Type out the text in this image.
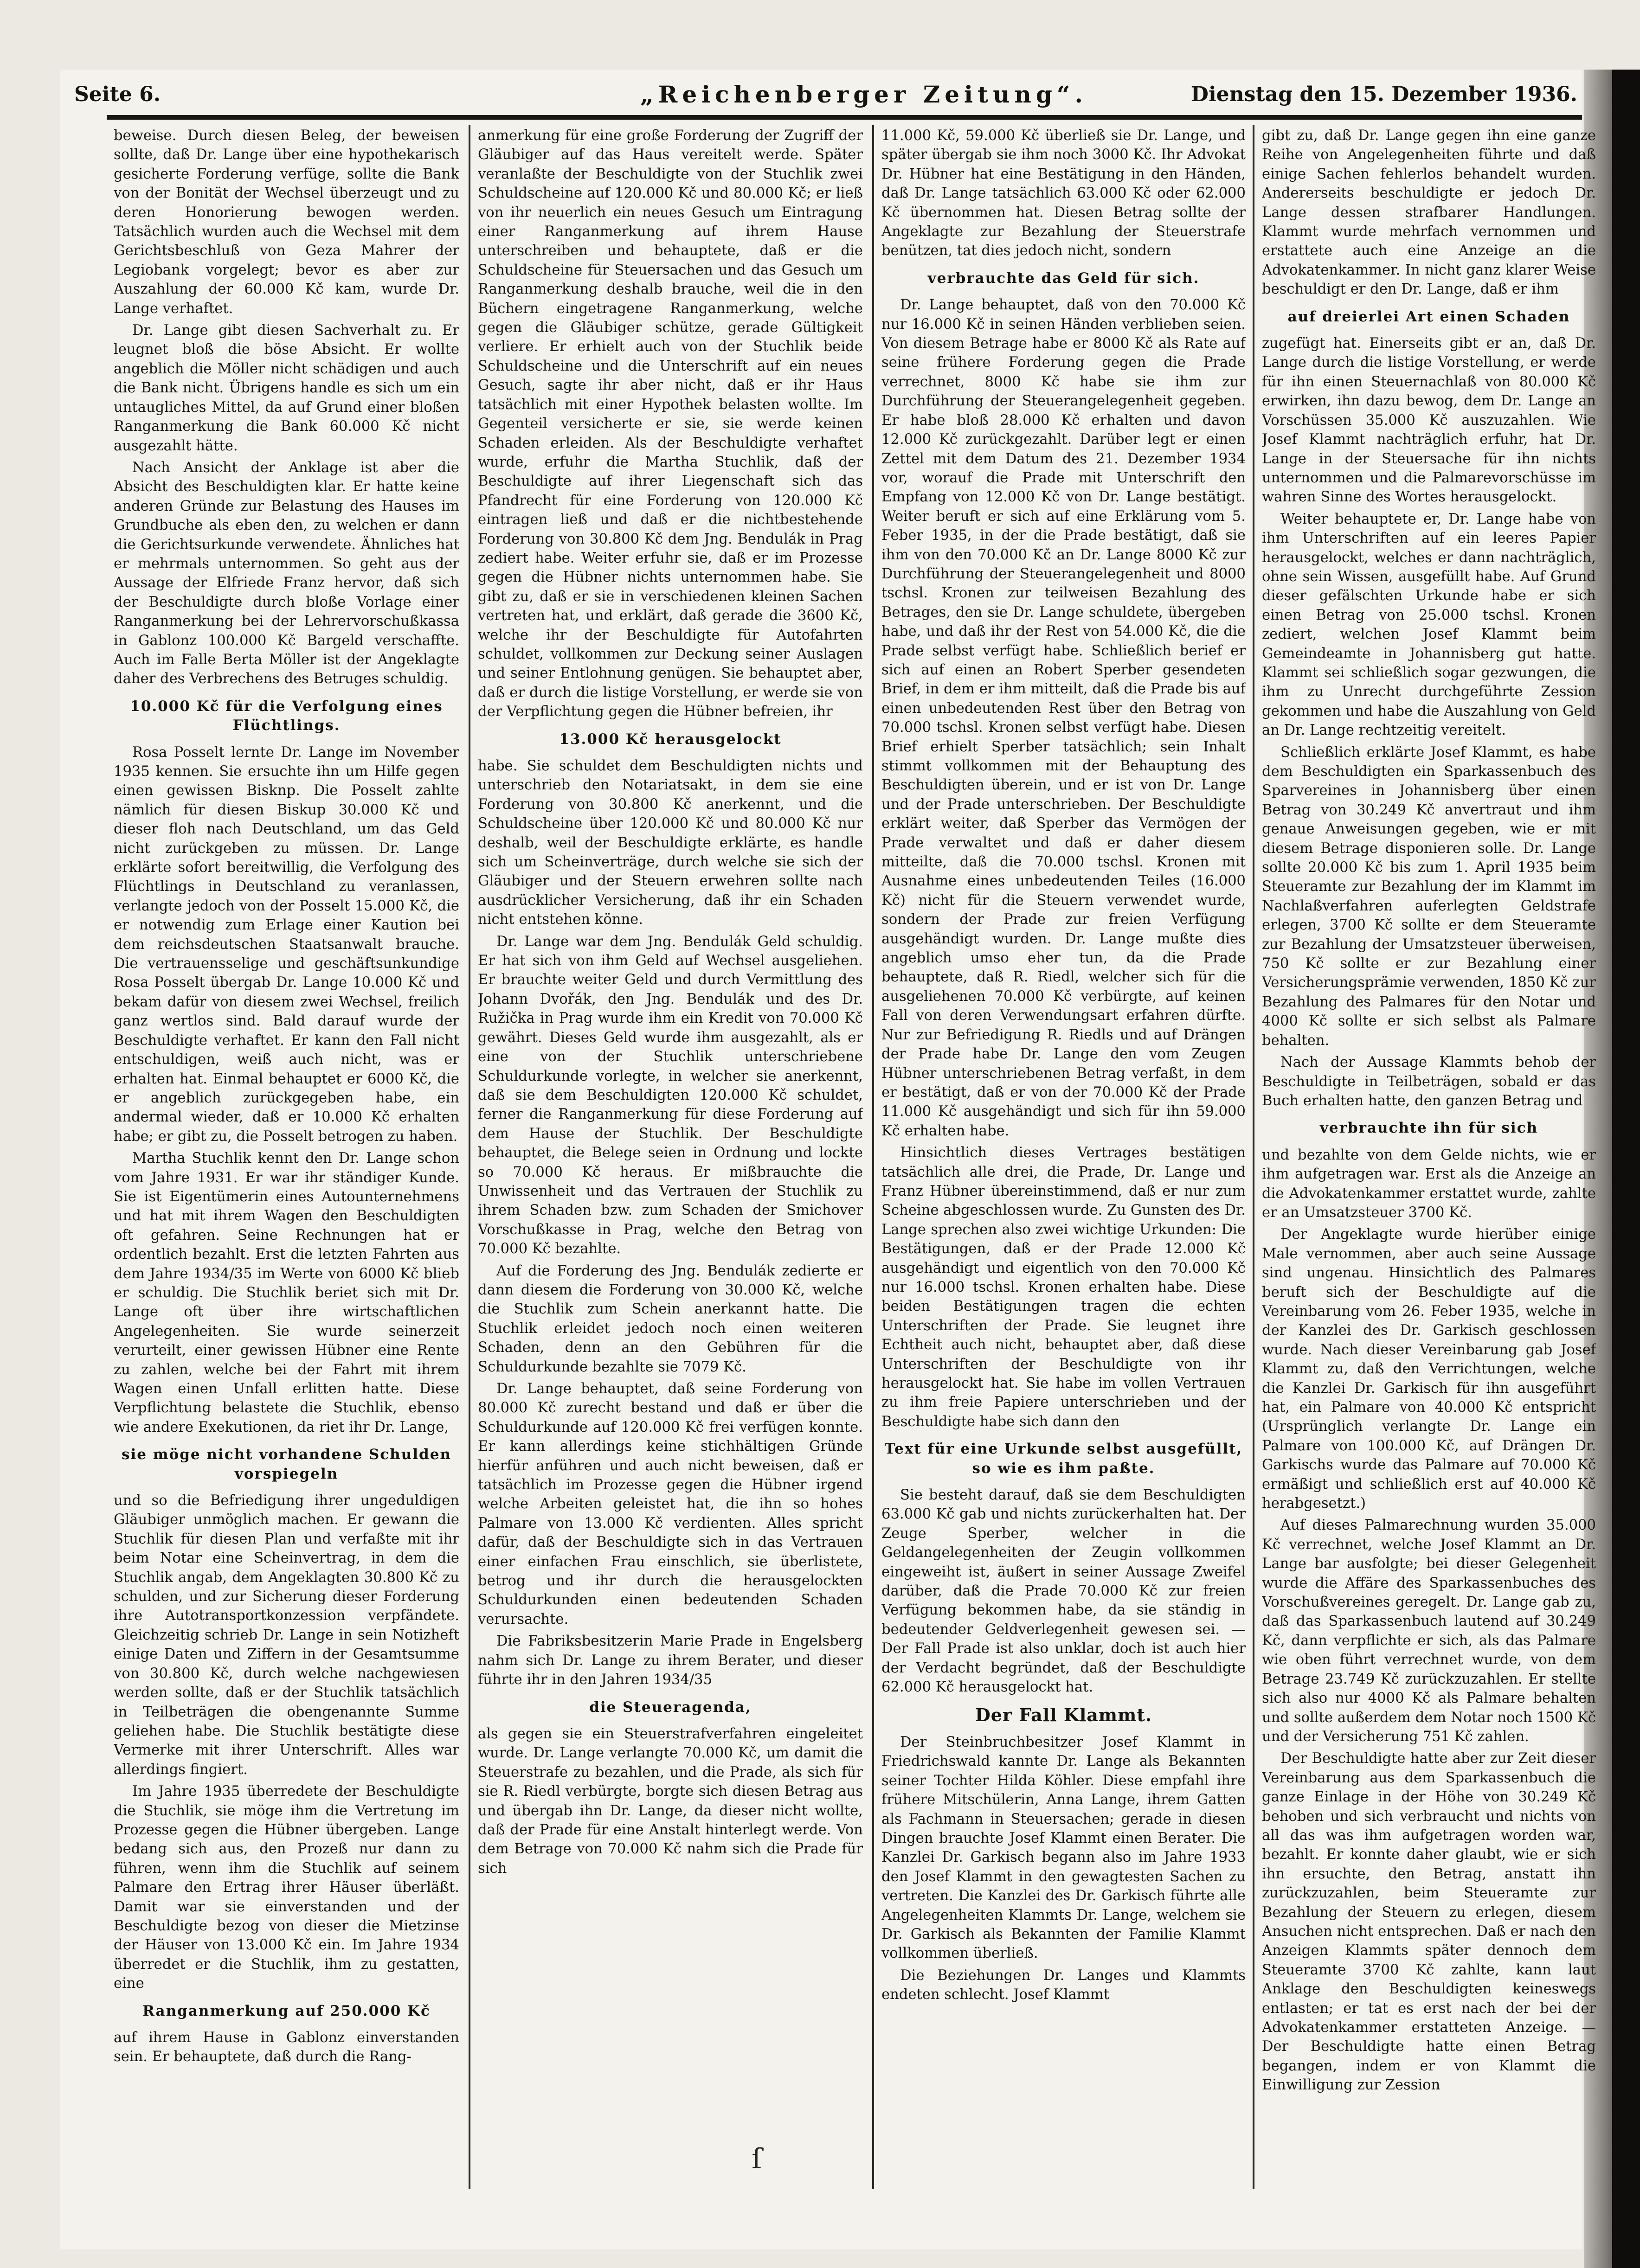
Seite 6.	„Reichenberger Zeitung“.	Dienstag den 15. Dezember 1936.

beweise. Durch diesen Beleg, der beweisen sollte, daß Dr. Lange über eine hypothekarisch gesicherte Forderung verfüge, sollte die Bank von der Bonität der Wechsel überzeugt und zu deren Honorierung bewogen werden. Tatsächlich wurden auch die Wechsel mit dem Gerichtsbeschluß von Geza Mahrer der Legiobank vorgelegt; bevor es aber zur Auszahlung der 60.000 Kč kam, wurde Dr. Lange verhaftet.

Dr. Lange gibt diesen Sachverhalt zu. Er leugnet bloß die böse Absicht. Er wollte angeblich die Möller nicht schädigen und auch die Bank nicht. Übrigens handle es sich um ein untaugliches Mittel, da auf Grund einer bloßen Ranganmerkung die Bank 60.000 Kč nicht ausgezahlt hätte.

Nach Ansicht der Anklage ist aber die Absicht des Beschuldigten klar. Er hatte keine anderen Gründe zur Belastung des Hauses im Grundbuche als eben den, zu welchen er dann die Gerichtsurkunde verwendete. Ähnliches hat er mehrmals unternommen. So geht aus der Aussage der Elfriede Franz hervor, daß sich der Beschuldigte durch bloße Vorlage einer Ranganmerkung bei der Lehrervorschußkassa in Gablonz 100.000 Kč Bargeld verschaffte. Auch im Falle Berta Möller ist der Angeklagte daher des Verbrechens des Betruges schuldig.

10.000 Kč für die Verfolgung eines Flüchtlings.

Rosa Posselt lernte Dr. Lange im November 1935 kennen. Sie ersuchte ihn um Hilfe gegen einen gewissen Bisknp. Die Posselt zahlte nämlich für diesen Biskup 30.000 Kč und dieser floh nach Deutschland, um das Geld nicht zurückgeben zu müssen. Dr. Lange erklärte sofort bereitwillig, die Verfolgung des Flüchtlings in Deutschland zu veranlassen, verlangte jedoch von der Posselt 15.000 Kč, die er notwendig zum Erlage einer Kaution bei dem reichsdeutschen Staatsanwalt brauche. Die vertrauensselige und geschäftsunkundige Rosa Posselt übergab Dr. Lange 10.000 Kč und bekam dafür von diesem zwei Wechsel, freilich ganz wertlos sind. Bald darauf wurde der Beschuldigte verhaftet. Er kann den Fall nicht entschuldigen, weiß auch nicht, was er erhalten hat. Einmal behauptet er 6000 Kč, die er angeblich zurückgegeben habe, ein andermal wieder, daß er 10.000 Kč erhalten habe; er gibt zu, die Posselt betrogen zu haben.

Martha Stuchlik kennt den Dr. Lange schon vom Jahre 1931. Er war ihr ständiger Kunde. Sie ist Eigentümerin eines Autounternehmens und hat mit ihrem Wagen den Beschuldigten oft gefahren. Seine Rechnungen hat er ordentlich bezahlt. Erst die letzten Fahrten aus dem Jahre 1934/35 im Werte von 6000 Kč blieb er schuldig. Die Stuchlik beriet sich mit Dr. Lange oft über ihre wirtschaftlichen Angelegenheiten. Sie wurde seinerzeit verurteilt, einer gewissen Hübner eine Rente zu zahlen, welche bei der Fahrt mit ihrem Wagen einen Unfall erlitten hatte. Diese Verpflichtung belastete die Stuchlik, ebenso wie andere Exekutionen, da riet ihr Dr. Lange,

sie möge nicht vorhandene Schulden vorspiegeln

und so die Befriedigung ihrer ungeduldigen Gläubiger unmöglich machen. Er gewann die Stuchlik für diesen Plan und verfaßte mit ihr beim Notar eine Scheinvertrag, in dem die Stuchlik angab, dem Angeklagten 30.800 Kč zu schulden, und zur Sicherung dieser Forderung ihre Autotransportkonzession verpfändete. Gleichzeitig schrieb Dr. Lange in sein Notizheft einige Daten und Ziffern in der Gesamtsumme von 30.800 Kč, durch welche nachgewiesen werden sollte, daß er der Stuchlik tatsächlich in Teilbeträgen die obengenannte Summe geliehen habe. Die Stuchlik bestätigte diese Vermerke mit ihrer Unterschrift. Alles war allerdings fingiert.

Im Jahre 1935 überredete der Beschuldigte die Stuchlik, sie möge ihm die Vertretung im Prozesse gegen die Hübner übergeben. Lange bedang sich aus, den Prozeß nur dann zu führen, wenn ihm die Stuchlik auf seinem Palmare den Ertrag ihrer Häuser überläßt. Damit war sie einverstanden und der Beschuldigte bezog von dieser die Mietzinse der Häuser von 13.000 Kč ein. Im Jahre 1934 überredet er die Stuchlik, ihm zu gestatten, eine

Ranganmerkung auf 250.000 Kč

auf ihrem Hause in Gablonz einverstanden sein. Er behauptete, daß durch die Rang-

anmerkung für eine große Forderung der Zugriff der Gläubiger auf das Haus vereitelt werde. Später veranlaßte der Beschuldigte von der Stuchlik zwei Schuldscheine auf 120.000 Kč und 80.000 Kč; er ließ von ihr neuerlich ein neues Gesuch um Eintragung einer Ranganmerkung auf ihrem Hause unterschreiben und behauptete, daß er die Schuldscheine für Steuersachen und das Gesuch um Ranganmerkung deshalb brauche, weil die in den Büchern eingetragene Ranganmerkung, welche gegen die Gläubiger schütze, gerade Gültigkeit verliere. Er erhielt auch von der Stuchlik beide Schuldscheine und die Unterschrift auf ein neues Gesuch, sagte ihr aber nicht, daß er ihr Haus tatsächlich mit einer Hypothek belasten wollte. Im Gegenteil versicherte er sie, sie werde keinen Schaden erleiden. Als der Beschuldigte verhaftet wurde, erfuhr die Martha Stuchlik, daß der Beschuldigte auf ihrer Liegenschaft sich das Pfandrecht für eine Forderung von 120.000 Kč eintragen ließ und daß er die nichtbestehende Forderung von 30.800 Kč dem Jng. Bendulák in Prag zediert habe. Weiter erfuhr sie, daß er im Prozesse gegen die Hübner nichts unternommen habe. Sie gibt zu, daß er sie in verschiedenen kleinen Sachen vertreten hat, und erklärt, daß gerade die 3600 Kč, welche ihr der Beschuldigte für Autofahrten schuldet, vollkommen zur Deckung seiner Auslagen und seiner Entlohnung genügen. Sie behauptet aber, daß er durch die listige Vorstellung, er werde sie von der Verpflichtung gegen die Hübner befreien, ihr

13.000 Kč herausgelockt

habe. Sie schuldet dem Beschuldigten nichts und unterschrieb den Notariatsakt, in dem sie eine Forderung von 30.800 Kč anerkennt, und die Schuldscheine über 120.000 Kč und 80.000 Kč nur deshalb, weil der Beschuldigte erklärte, es handle sich um Scheinverträge, durch welche sie sich der Gläubiger und der Steuern erwehren sollte nach ausdrücklicher Versicherung, daß ihr ein Schaden nicht entstehen könne.

Dr. Lange war dem Jng. Bendulák Geld schuldig. Er hat sich von ihm Geld auf Wechsel ausgeliehen. Er brauchte weiter Geld und durch Vermittlung des Johann Dvořák, den Jng. Bendulák und des Dr. Ružička in Prag wurde ihm ein Kredit von 70.000 Kč gewährt. Dieses Geld wurde ihm ausgezahlt, als er eine von der Stuchlik unterschriebene Schuldurkunde vorlegte, in welcher sie anerkennt, daß sie dem Beschuldigten 120.000 Kč schuldet, ferner die Ranganmerkung für diese Forderung auf dem Hause der Stuchlik. Der Beschuldigte behauptet, die Belege seien in Ordnung und lockte so 70.000 Kč heraus. Er mißbrauchte die Unwissenheit und das Vertrauen der Stuchlik zu ihrem Schaden bzw. zum Schaden der Smichover Vorschußkasse in Prag, welche den Betrag von 70.000 Kč bezahlte.

Auf die Forderung des Jng. Bendulák zedierte er dann diesem die Forderung von 30.000 Kč, welche die Stuchlik zum Schein anerkannt hatte. Die Stuchlik erleidet jedoch noch einen weiteren Schaden, denn an den Gebühren für die Schuldurkunde bezahlte sie 7079 Kč.

Dr. Lange behauptet, daß seine Forderung von 80.000 Kč zurecht bestand und daß er über die Schuldurkunde auf 120.000 Kč frei verfügen konnte. Er kann allerdings keine stichhältigen Gründe hierfür anführen und auch nicht beweisen, daß er tatsächlich im Prozesse gegen die Hübner irgend welche Arbeiten geleistet hat, die ihn so hohes Palmare von 13.000 Kč verdienten. Alles spricht dafür, daß der Beschuldigte sich in das Vertrauen einer einfachen Frau einschlich, sie überlistete, betrog und ihr durch die herausgelockten Schuldurkunden einen bedeutenden Schaden verursachte.

Die Fabriksbesitzerin Marie Prade in Engelsberg nahm sich Dr. Lange zu ihrem Berater, und dieser führte ihr in den Jahren 1934/35

die Steueragenda,

als gegen sie ein Steuerstrafverfahren eingeleitet wurde. Dr. Lange verlangte 70.000 Kč, um damit die Steuerstrafe zu bezahlen, und die Prade, als sich für sie R. Riedl verbürgte, borgte sich diesen Betrag aus und übergab ihn Dr. Lange, da dieser nicht wollte, daß der Prade für eine Anstalt hinterlegt werde. Von dem Betrage von 70.000 Kč nahm sich die Prade für sich

11.000 Kč, 59.000 Kč überließ sie Dr. Lange, und später übergab sie ihm noch 3000 Kč. Ihr Advokat Dr. Hübner hat eine Bestätigung in den Händen, daß Dr. Lange tatsächlich 63.000 Kč oder 62.000 Kč übernommen hat. Diesen Betrag sollte der Angeklagte zur Bezahlung der Steuerstrafe benützen, tat dies jedoch nicht, sondern

verbrauchte das Geld für sich.

Dr. Lange behauptet, daß von den 70.000 Kč nur 16.000 Kč in seinen Händen verblieben seien. Von diesem Betrage habe er 8000 Kč als Rate auf seine frühere Forderung gegen die Prade verrechnet, 8000 Kč habe sie ihm zur Durchführung der Steuerangelegenheit gegeben. Er habe bloß 28.000 Kč erhalten und davon 12.000 Kč zurückgezahlt. Darüber legt er einen Zettel mit dem Datum des 21. Dezember 1934 vor, worauf die Prade mit Unterschrift den Empfang von 12.000 Kč von Dr. Lange bestätigt. Weiter beruft er sich auf eine Erklärung vom 5. Feber 1935, in der die Prade bestätigt, daß sie ihm von den 70.000 Kč an Dr. Lange 8000 Kč zur Durchführung der Steuerangelegenheit und 8000 tschsl. Kronen zur teilweisen Bezahlung des Betrages, den sie Dr. Lange schuldete, übergeben habe, und daß ihr der Rest von 54.000 Kč, die die Prade selbst verfügt habe. Schließlich berief er sich auf einen an Robert Sperber gesendeten Brief, in dem er ihm mitteilt, daß die Prade bis auf einen unbedeutenden Rest über den Betrag von 70.000 tschsl. Kronen selbst verfügt habe. Diesen Brief erhielt Sperber tatsächlich; sein Inhalt stimmt vollkommen mit der Behauptung des Beschuldigten überein, und er ist von Dr. Lange und der Prade unterschrieben. Der Beschuldigte erklärt weiter, daß Sperber das Vermögen der Prade verwaltet und daß er daher diesem mitteilte, daß die 70.000 tschsl. Kronen mit Ausnahme eines unbedeutenden Teiles (16.000 Kč) nicht für die Steuern verwendet wurde, sondern der Prade zur freien Verfügung ausgehändigt wurden. Dr. Lange mußte dies angeblich umso eher tun, da die Prade behauptete, daß R. Riedl, welcher sich für die ausgeliehenen 70.000 Kč verbürgte, auf keinen Fall von deren Verwendungsart erfahren dürfte. Nur zur Befriedigung R. Riedls und auf Drängen der Prade habe Dr. Lange den vom Zeugen Hübner unterschriebenen Betrag verfaßt, in dem er bestätigt, daß er von der 70.000 Kč der Prade 11.000 Kč ausgehändigt und sich für ihn 59.000 Kč erhalten habe.

Hinsichtlich dieses Vertrages bestätigen tatsächlich alle drei, die Prade, Dr. Lange und Franz Hübner übereinstimmend, daß er nur zum Scheine abgeschlossen wurde. Zu Gunsten des Dr. Lange sprechen also zwei wichtige Urkunden: Die Bestätigungen, daß er der Prade 12.000 Kč ausgehändigt und eigentlich von den 70.000 Kč nur 16.000 tschsl. Kronen erhalten habe. Diese beiden Bestätigungen tragen die echten Unterschriften der Prade. Sie leugnet ihre Echtheit auch nicht, behauptet aber, daß diese Unterschriften der Beschuldigte von ihr herausgelockt hat. Sie habe im vollen Vertrauen zu ihm freie Papiere unterschrieben und der Beschuldigte habe sich dann den

Text für eine Urkunde selbst ausgefüllt, so wie es ihm paßte.

Sie besteht darauf, daß sie dem Beschuldigten 63.000 Kč gab und nichts zurückerhalten hat. Der Zeuge Sperber, welcher in die Geldangelegenheiten der Zeugin vollkommen eingeweiht ist, äußert in seiner Aussage Zweifel darüber, daß die Prade 70.000 Kč zur freien Verfügung bekommen habe, da sie ständig in bedeutender Geldverlegenheit gewesen sei. — Der Fall Prade ist also unklar, doch ist auch hier der Verdacht begründet, daß der Beschuldigte 62.000 Kč herausgelockt hat.

Der Fall Klammt.

Der Steinbruchbesitzer Josef Klammt in Friedrichswald kannte Dr. Lange als Bekannten seiner Tochter Hilda Köhler. Diese empfahl ihre frühere Mitschülerin, Anna Lange, ihrem Gatten als Fachmann in Steuersachen; gerade in diesen Dingen brauchte Josef Klammt einen Berater. Die Kanzlei Dr. Garkisch begann also im Jahre 1933 den Josef Klammt in den gewagtesten Sachen zu vertreten. Die Kanzlei des Dr. Garkisch führte alle Angelegenheiten Klammts Dr. Lange, welchem sie Dr. Garkisch als Bekannten der Familie Klammt vollkommen überließ.

Die Beziehungen Dr. Langes und Klammts endeten schlecht. Josef Klammt

gibt zu, daß Dr. Lange gegen ihn eine ganze Reihe von Angelegenheiten führte und daß einige Sachen fehlerlos behandelt wurden. Andererseits beschuldigte er jedoch Dr. Lange dessen strafbarer Handlungen. Klammt wurde mehrfach vernommen und erstattete auch eine Anzeige an die Advokatenkammer. In nicht ganz klarer Weise beschuldigt er den Dr. Lange, daß er ihm

auf dreierlei Art einen Schaden

zugefügt hat. Einerseits gibt er an, daß Dr. Lange durch die listige Vorstellung, er werde für ihn einen Steuernachlaß von 80.000 Kč erwirken, ihn dazu bewog, dem Dr. Lange an Vorschüssen 35.000 Kč auszuzahlen. Wie Josef Klammt nachträglich erfuhr, hat Dr. Lange in der Steuersache für ihn nichts unternommen und die Palmarevorschüsse im wahren Sinne des Wortes herausgelockt.

Weiter behauptete er, Dr. Lange habe von ihm Unterschriften auf ein leeres Papier herausgelockt, welches er dann nachträglich, ohne sein Wissen, ausgefüllt habe. Auf Grund dieser gefälschten Urkunde habe er sich einen Betrag von 25.000 tschsl. Kronen zediert, welchen Josef Klammt beim Gemeindeamte in Johannisberg gut hatte. Klammt sei schließlich sogar gezwungen, die ihm zu Unrecht durchgeführte Zession gekommen und habe die Auszahlung von Geld an Dr. Lange rechtzeitig vereitelt.

Schließlich erklärte Josef Klammt, es habe dem Beschuldigten ein Sparkassenbuch des Sparvereines in Johannisberg über einen Betrag von 30.249 Kč anvertraut und ihm genaue Anweisungen gegeben, wie er mit diesem Betrage disponieren solle. Dr. Lange sollte 20.000 Kč bis zum 1. April 1935 beim Steueramte zur Bezahlung der im Klammt im Nachlaßverfahren auferlegten Geldstrafe erlegen, 3700 Kč sollte er dem Steueramte zur Bezahlung der Umsatzsteuer überweisen, 750 Kč sollte er zur Bezahlung einer Versicherungsprämie verwenden, 1850 Kč zur Bezahlung des Palmares für den Notar und 4000 Kč sollte er sich selbst als Palmare behalten.

Nach der Aussage Klammts behob der Beschuldigte in Teilbeträgen, sobald er das Buch erhalten hatte, den ganzen Betrag und

verbrauchte ihn für sich

und bezahlte von dem Gelde nichts, wie er ihm aufgetragen war. Erst als die Anzeige an die Advokatenkammer erstattet wurde, zahlte er an Umsatzsteuer 3700 Kč.

Der Angeklagte wurde hierüber einige Male vernommen, aber auch seine Aussage sind ungenau. Hinsichtlich des Palmares beruft sich der Beschuldigte auf die Vereinbarung vom 26. Feber 1935, welche in der Kanzlei des Dr. Garkisch geschlossen wurde. Nach dieser Vereinbarung gab Josef Klammt zu, daß den Verrichtungen, welche die Kanzlei Dr. Garkisch für ihn ausgeführt hat, ein Palmare von 40.000 Kč entspricht (Ursprünglich verlangte Dr. Lange ein Palmare von 100.000 Kč, auf Drängen Dr. Garkischs wurde das Palmare auf 70.000 Kč ermäßigt und schließlich erst auf 40.000 Kč herabgesetzt.)

Auf dieses Palmarechnung wurden 35.000 Kč verrechnet, welche Josef Klammt an Dr. Lange bar ausfolgte; bei dieser Gelegenheit wurde die Affäre des Sparkassenbuches des Vorschußvereines geregelt. Dr. Lange gab zu, daß das Sparkassenbuch lautend auf 30.249 Kč, dann verpflichte er sich, als das Palmare wie oben führt verrechnet wurde, von dem Betrage 23.749 Kč zurückzuzahlen. Er stellte sich also nur 4000 Kč als Palmare behalten und sollte außerdem dem Notar noch 1500 Kč und der Versicherung 751 Kč zahlen.

Der Beschuldigte hatte aber zur Zeit dieser Vereinbarung aus dem Sparkassenbuch die ganze Einlage in der Höhe von 30.249 Kč behoben und sich verbraucht und nichts von all das was ihm aufgetragen worden war, bezahlt. Er konnte daher glaubt, wie er sich ihn ersuchte, den Betrag, anstatt ihn zurückzuzahlen, beim Steueramte zur Bezahlung der Steuern zu erlegen, diesem Ansuchen nicht entsprechen. Daß er nach den Anzeigen Klammts später dennoch dem Steueramte 3700 Kč zahlte, kann laut Anklage den Beschuldigten keineswegs entlasten; er tat es erst nach der bei der Advokatenkammer erstatteten Anzeige. — Der Beschuldigte hatte einen Betrag begangen, indem er von Klammt die Einwilligung zur Zession

ſ
